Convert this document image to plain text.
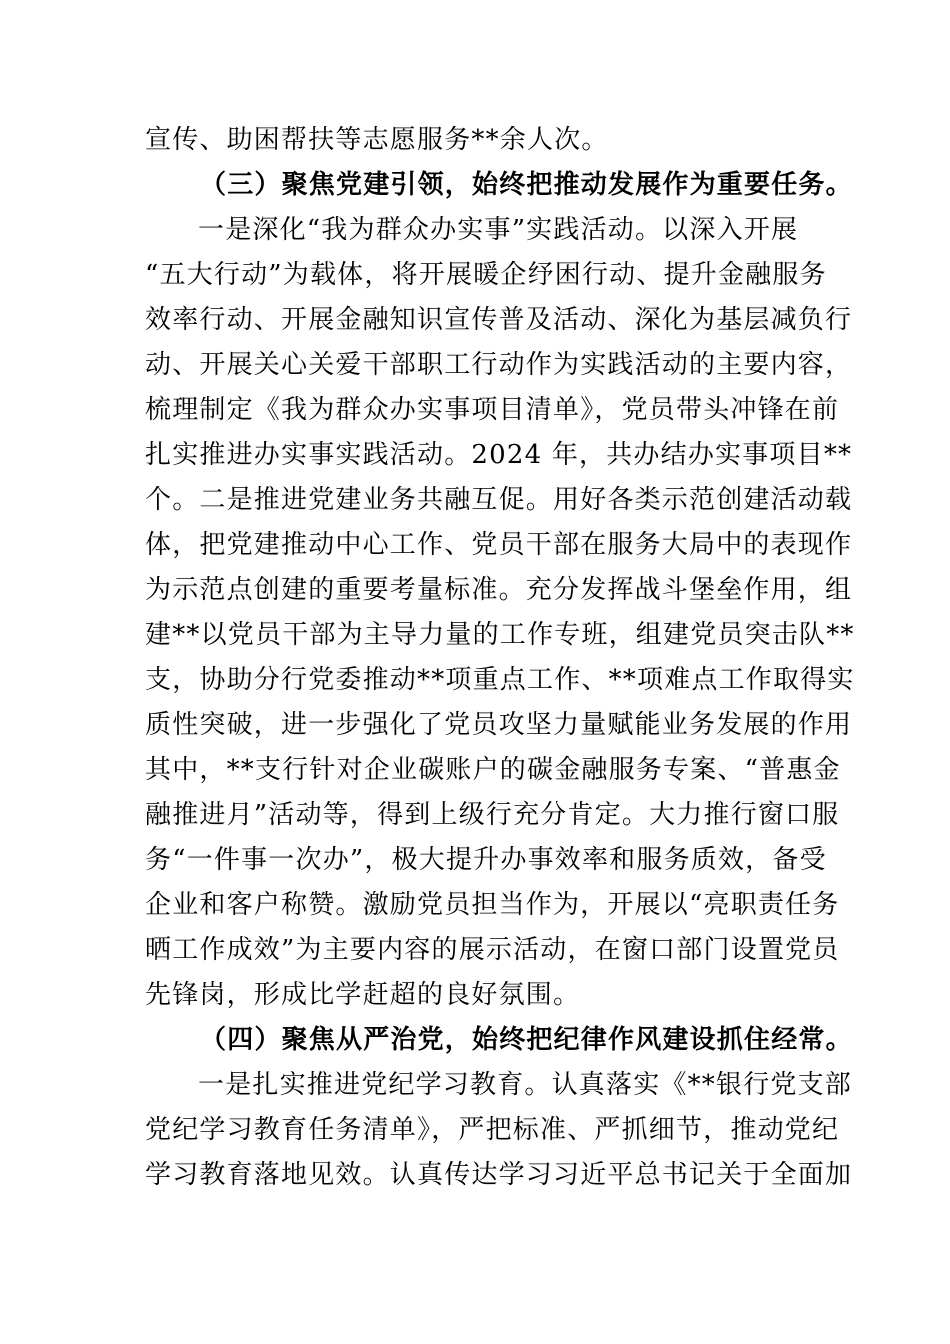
宣传、助困帮扶等志愿服务**余人次。
（三）聚焦党建引领，始终把推动发展作为重要任务。
一是深化“我为群众办实事”实践活动。以深入开展
“五大行动”为载体，将开展暖企纾困行动、提升金融服务
效率行动、开展金融知识宣传普及活动、深化为基层减负行
动、开展关心关爱干部职工行动作为实践活动的主要内容，
梳理制定《我为群众办实事项目清单》，党员带头冲锋在前
扎实推进办实事实践活动。2024 年，共办结办实事项目**
个。二是推进党建业务共融互促。用好各类示范创建活动载
体，把党建推动中心工作、党员干部在服务大局中的表现作
为示范点创建的重要考量标准。充分发挥战斗堡垒作用，组
建**以党员干部为主导力量的工作专班，组建党员突击队**
支，协助分行党委推动**项重点工作、**项难点工作取得实
质性突破，进一步强化了党员攻坚力量赋能业务发展的作用
其中，**支行针对企业碳账户的碳金融服务专案、“普惠金
融推进月”活动等，得到上级行充分肯定。大力推行窗口服
务“一件事一次办”，极大提升办事效率和服务质效，备受
企业和客户称赞。激励党员担当作为，开展以“亮职责任务
晒工作成效”为主要内容的展示活动，在窗口部门设置党员
先锋岗，形成比学赶超的良好氛围。
（四）聚焦从严治党，始终把纪律作风建设抓住经常。
一是扎实推进党纪学习教育。认真落实《**银行党支部
党纪学习教育任务清单》，严把标准、严抓细节，推动党纪
学习教育落地见效。认真传达学习习近平总书记关于全面加
